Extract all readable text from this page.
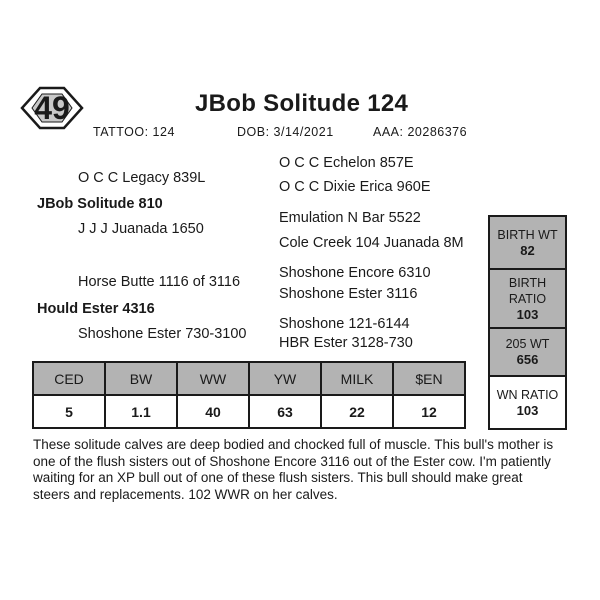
49	JBob Solitude 124
TATTOO: 124	DOB: 3/14/2021	AAA: 20286376
O C C Echelon 857E
O C C Legacy 839L
O C C Dixie Erica 960E
JBob Solitude 810
Emulation N Bar 5522
J J J Juanada 1650
Cole Creek 104 Juanada 8M
Shoshone Encore 6310
Horse Butte 1116 of 3116
Shoshone Ester 3116
Hould Ester 4316
Shoshone 121-6144
Shoshone Ester 730-3100
HBR Ester 3128-730
BIRTH WT
82
BIRTH
RATIO
103
205 WT
656
WN RATIO
103
CED	BW	WW	YW	MILK	$EN
5	1.1	40	63	22	12
These solitude calves are deep bodied and chocked full of muscle. This bull's mother is one of the flush sisters out of Shoshone Encore 3116 out of the Ester cow. I'm patiently waiting for an XP bull out of one of these flush sisters. This bull should make great steers and replacements. 102 WWR on her calves.
